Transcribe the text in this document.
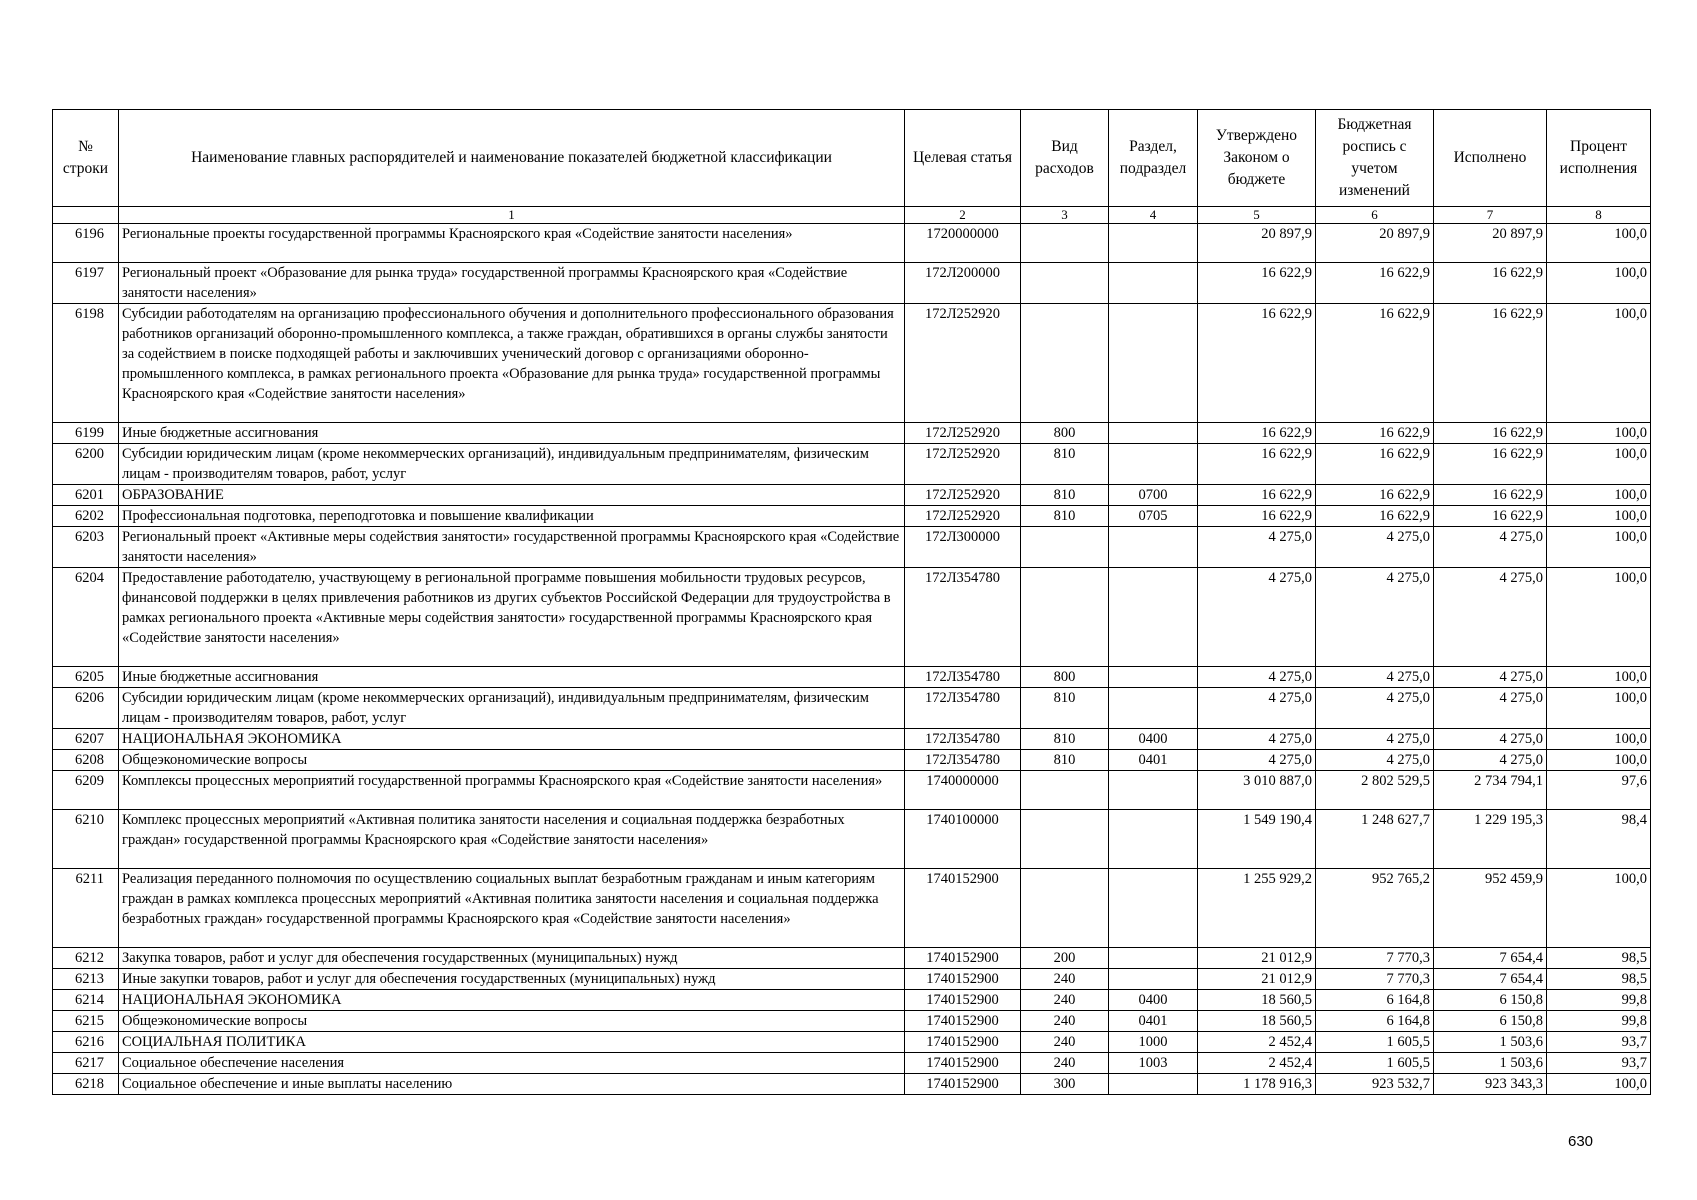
№ строки	Наименование главных распорядителей и наименование показателей бюджетной классификации	Целевая статья	Вид расходов	Раздел, подраздел	Утверждено Законом о бюджете	Бюджетная роспись с учетом изменений	Исполнено	Процент исполнения
	1	2	3	4	5	6	7	8
6196	Региональные проекты государственной программы Красноярского края «Содействие занятости населения»	1720000000			20 897,9	20 897,9	20 897,9	100,0
6197	Региональный проект «Образование для рынка труда» государственной программы Красноярского края «Содействие занятости населения»	172Л200000			16 622,9	16 622,9	16 622,9	100,0
6198	Субсидии работодателям на организацию профессионального обучения и дополнительного профессионального образования работников организаций оборонно-промышленного комплекса, а также граждан, обратившихся в органы службы занятости за содействием в поиске подходящей работы и заключивших ученический договор с организациями оборонно-промышленного комплекса, в рамках регионального проекта «Образование для рынка труда» государственной программы Красноярского края «Содействие занятости населения»	172Л252920			16 622,9	16 622,9	16 622,9	100,0
6199	Иные бюджетные ассигнования	172Л252920	800		16 622,9	16 622,9	16 622,9	100,0
6200	Субсидии юридическим лицам (кроме некоммерческих организаций), индивидуальным предпринимателям, физическим лицам - производителям товаров, работ, услуг	172Л252920	810		16 622,9	16 622,9	16 622,9	100,0
6201	ОБРАЗОВАНИЕ	172Л252920	810	0700	16 622,9	16 622,9	16 622,9	100,0
6202	Профессиональная подготовка, переподготовка и повышение квалификации	172Л252920	810	0705	16 622,9	16 622,9	16 622,9	100,0
6203	Региональный проект «Активные меры содействия занятости» государственной программы Красноярского края «Содействие занятости населения»	172Л300000			4 275,0	4 275,0	4 275,0	100,0
6204	Предоставление работодателю, участвующему в региональной программе повышения мобильности трудовых ресурсов, финансовой поддержки в целях привлечения работников из других субъектов Российской Федерации для трудоустройства в рамках регионального проекта «Активные меры содействия занятости» государственной программы Красноярского края «Содействие занятости населения»	172Л354780			4 275,0	4 275,0	4 275,0	100,0
6205	Иные бюджетные ассигнования	172Л354780	800		4 275,0	4 275,0	4 275,0	100,0
6206	Субсидии юридическим лицам (кроме некоммерческих организаций), индивидуальным предпринимателям, физическим лицам - производителям товаров, работ, услуг	172Л354780	810		4 275,0	4 275,0	4 275,0	100,0
6207	НАЦИОНАЛЬНАЯ ЭКОНОМИКА	172Л354780	810	0400	4 275,0	4 275,0	4 275,0	100,0
6208	Общеэкономические вопросы	172Л354780	810	0401	4 275,0	4 275,0	4 275,0	100,0
6209	Комплексы процессных мероприятий государственной программы Красноярского края «Содействие занятости населения»	1740000000			3 010 887,0	2 802 529,5	2 734 794,1	97,6
6210	Комплекс процессных мероприятий «Активная политика занятости населения и социальная поддержка безработных граждан» государственной программы Красноярского края «Содействие занятости населения»	1740100000			1 549 190,4	1 248 627,7	1 229 195,3	98,4
6211	Реализация переданного полномочия по осуществлению социальных выплат безработным гражданам и иным категориям граждан в рамках комплекса процессных мероприятий «Активная политика занятости населения и социальная поддержка безработных граждан» государственной программы Красноярского края «Содействие занятости населения»	1740152900			1 255 929,2	952 765,2	952 459,9	100,0
6212	Закупка товаров, работ и услуг для обеспечения государственных (муниципальных) нужд	1740152900	200		21 012,9	7 770,3	7 654,4	98,5
6213	Иные закупки товаров, работ и услуг для обеспечения государственных (муниципальных) нужд	1740152900	240		21 012,9	7 770,3	7 654,4	98,5
6214	НАЦИОНАЛЬНАЯ ЭКОНОМИКА	1740152900	240	0400	18 560,5	6 164,8	6 150,8	99,8
6215	Общеэкономические вопросы	1740152900	240	0401	18 560,5	6 164,8	6 150,8	99,8
6216	СОЦИАЛЬНАЯ ПОЛИТИКА	1740152900	240	1000	2 452,4	1 605,5	1 503,6	93,7
6217	Социальное обеспечение населения	1740152900	240	1003	2 452,4	1 605,5	1 503,6	93,7
6218	Социальное обеспечение и иные выплаты населению	1740152900	300		1 178 916,3	923 532,7	923 343,3	100,0
630
